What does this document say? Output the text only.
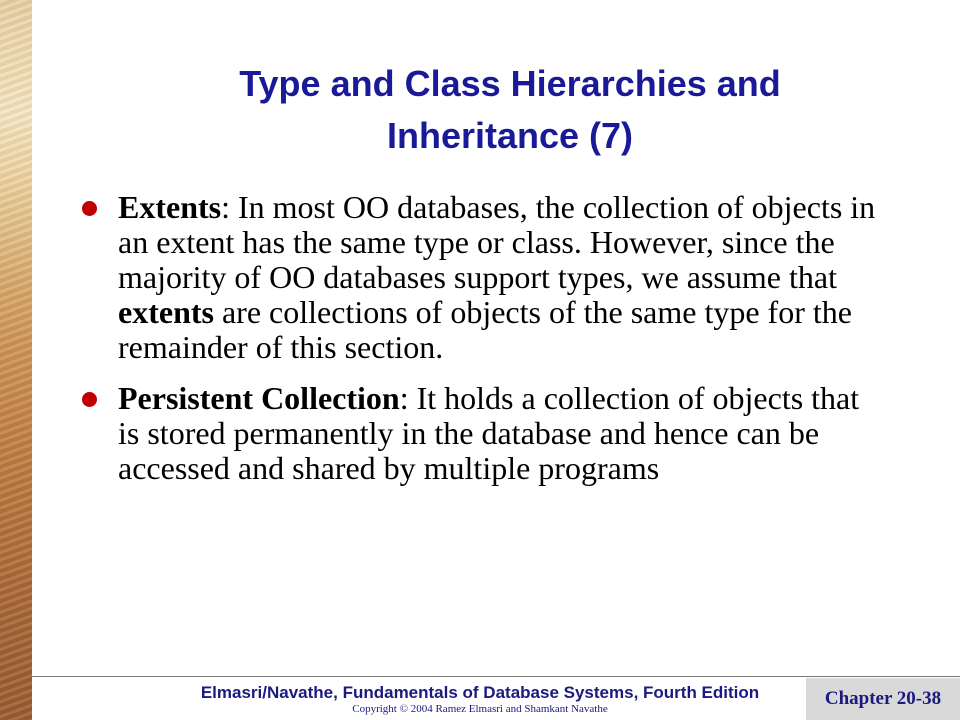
Type and Class Hierarchies and Inheritance (7)
Extents: In most OO databases, the collection of objects in an extent has the same type or class. However, since the majority of OO databases support types, we assume that extents are collections of objects of the same type for the remainder of this section.
Persistent Collection: It holds a collection of objects that is stored permanently in the database and hence can be accessed and shared by multiple programs
Elmasri/Navathe, Fundamentals of Database Systems, Fourth Edition
Copyright © 2004 Ramez Elmasri and Shamkant Navathe	Chapter 20-38
